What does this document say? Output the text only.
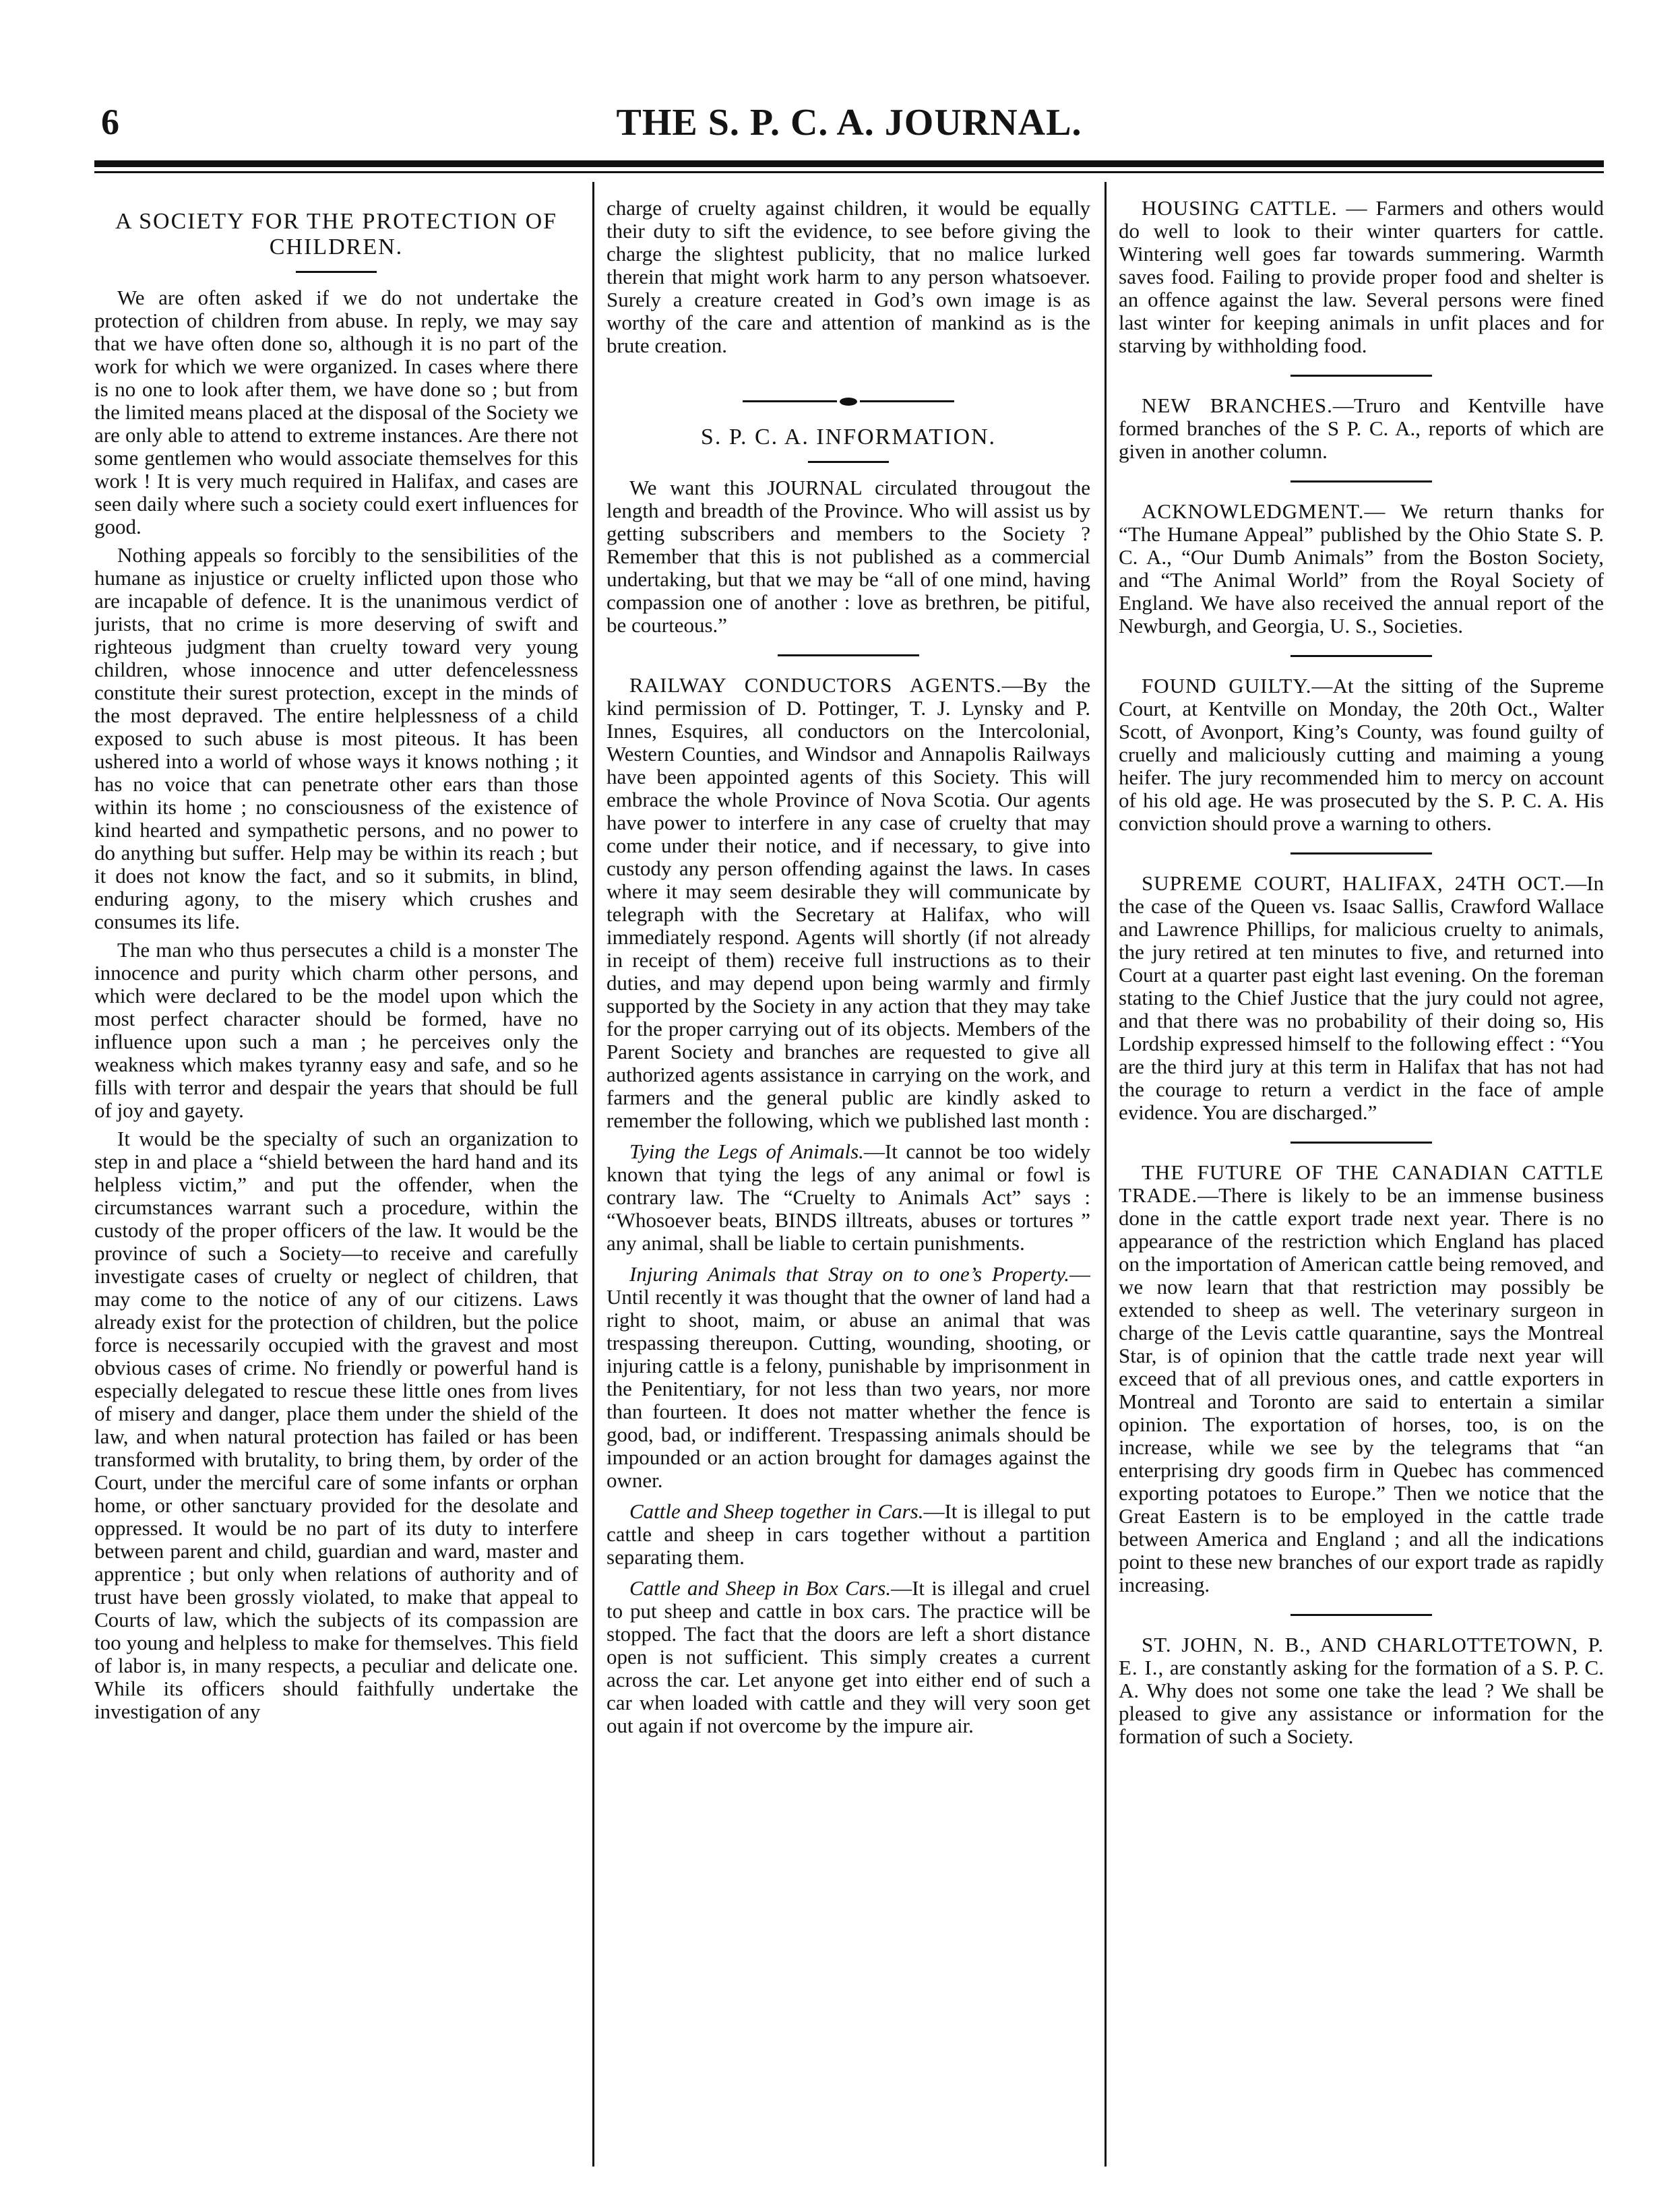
6	THE S. P. C. A. JOURNAL.
A SOCIETY FOR THE PROTECTION OF CHILDREN.

We are often asked if we do not undertake the protection of children from abuse. In reply, we may say that we have often done so, although it is no part of the work for which we were organized. In cases where there is no one to look after them, we have done so ; but from the limited means placed at the disposal of the Society we are only able to attend to extreme instances. Are there not some gentlemen who would associate themselves for this work ! It is very much required in Halifax, and cases are seen daily where such a society could exert influences for good.

Nothing appeals so forcibly to the sensibilities of the humane as injustice or cruelty inflicted upon those who are incapable of defence. It is the unanimous verdict of jurists, that no crime is more deserving of swift and righteous judgment than cruelty toward very young children, whose innocence and utter defencelessness constitute their surest protection, except in the minds of the most depraved. The entire helplessness of a child exposed to such abuse is most piteous. It has been ushered into a world of whose ways it knows nothing ; it has no voice that can penetrate other ears than those within its home ; no consciousness of the existence of kind hearted and sympathetic persons, and no power to do anything but suffer. Help may be within its reach ; but it does not know the fact, and so it submits, in blind, enduring agony, to the misery which crushes and consumes its life.

The man who thus persecutes a child is a monster The innocence and purity which charm other persons, and which were declared to be the model upon which the most perfect character should be formed, have no influence upon such a man ; he perceives only the weakness which makes tyranny easy and safe, and so he fills with terror and despair the years that should be full of joy and gayety.

It would be the specialty of such an organization to step in and place a “shield between the hard hand and its helpless victim,” and put the offender, when the circumstances warrant such a procedure, within the custody of the proper officers of the law. It would be the province of such a Society—to receive and carefully investigate cases of cruelty or neglect of children, that may come to the notice of any of our citizens. Laws already exist for the protection of children, but the police force is necessarily occupied with the gravest and most obvious cases of crime. No friendly or powerful hand is especially delegated to rescue these little ones from lives of misery and danger, place them under the shield of the law, and when natural protection has failed or has been transformed with brutality, to bring them, by order of the Court, under the merciful care of some infants or orphan home, or other sanctuary provided for the desolate and oppressed. It would be no part of its duty to interfere between parent and child, guardian and ward, master and apprentice ; but only when relations of authority and of trust have been grossly violated, to make that appeal to Courts of law, which the subjects of its compassion are too young and helpless to make for themselves. This field of labor is, in many respects, a peculiar and delicate one. While its officers should faithfully undertake the investigation of any

charge of cruelty against children, it would be equally their duty to sift the evidence, to see before giving the charge the slightest publicity, that no malice lurked therein that might work harm to any person whatsoever. Surely a creature created in God’s own image is as worthy of the care and attention of mankind as is the brute creation.

S. P. C. A. INFORMATION.

We want this JOURNAL circulated througout the length and breadth of the Province. Who will assist us by getting subscribers and members to the Society ? Remember that this is not published as a commercial undertaking, but that we may be “all of one mind, having compassion one of another : love as brethren, be pitiful, be courteous.”

RAILWAY CONDUCTORS AGENTS.—By the kind permission of D. Pottinger, T. J. Lynsky and P. Innes, Esquires, all conductors on the Intercolonial, Western Counties, and Windsor and Annapolis Railways have been appointed agents of this Society. This will embrace the whole Province of Nova Scotia. Our agents have power to interfere in any case of cruelty that may come under their notice, and if necessary, to give into custody any person offending against the laws. In cases where it may seem desirable they will communicate by telegraph with the Secretary at Halifax, who will immediately respond. Agents will shortly (if not already in receipt of them) receive full instructions as to their duties, and may depend upon being warmly and firmly supported by the Society in any action that they may take for the proper carrying out of its objects. Members of the Parent Society and branches are requested to give all authorized agents assistance in carrying on the work, and farmers and the general public are kindly asked to remember the following, which we published last month :

Tying the Legs of Animals.—It cannot be too widely known that tying the legs of any animal or fowl is contrary law. The “Cruelty to Animals Act” says : “Whosoever beats, BINDS illtreats, abuses or tortures ” any animal, shall be liable to certain punishments.

Injuring Animals that Stray on to one’s Property.—Until recently it was thought that the owner of land had a right to shoot, maim, or abuse an animal that was trespassing thereupon. Cutting, wounding, shooting, or injuring cattle is a felony, punishable by imprisonment in the Penitentiary, for not less than two years, nor more than fourteen. It does not matter whether the fence is good, bad, or indifferent. Trespassing animals should be impounded or an action brought for damages against the owner.

Cattle and Sheep together in Cars.—It is illegal to put cattle and sheep in cars together without a partition separating them.

Cattle and Sheep in Box Cars.—It is illegal and cruel to put sheep and cattle in box cars. The practice will be stopped. The fact that the doors are left a short distance open is not sufficient. This simply creates a current across the car. Let anyone get into either end of such a car when loaded with cattle and they will very soon get out again if not overcome by the impure air.

HOUSING CATTLE. — Farmers and others would do well to look to their winter quarters for cattle. Wintering well goes far towards summering. Warmth saves food. Failing to provide proper food and shelter is an offence against the law. Several persons were fined last winter for keeping animals in unfit places and for starving by withholding food.

NEW BRANCHES.—Truro and Kentville have formed branches of the S P. C. A., reports of which are given in another column.

ACKNOWLEDGMENT.— We return thanks for “The Humane Appeal” published by the Ohio State S. P. C. A., “Our Dumb Animals” from the Boston Society, and “The Animal World” from the Royal Society of England. We have also received the annual report of the Newburgh, and Georgia, U. S., Societies.

FOUND GUILTY.—At the sitting of the Supreme Court, at Kentville on Monday, the 20th Oct., Walter Scott, of Avonport, King’s County, was found guilty of cruelly and maliciously cutting and maiming a young heifer. The jury recommended him to mercy on account of his old age. He was prosecuted by the S. P. C. A. His conviction should prove a warning to others.

SUPREME COURT, HALIFAX, 24TH OCT.—In the case of the Queen vs. Isaac Sallis, Crawford Wallace and Lawrence Phillips, for malicious cruelty to animals, the jury retired at ten minutes to five, and returned into Court at a quarter past eight last evening. On the foreman stating to the Chief Justice that the jury could not agree, and that there was no probability of their doing so, His Lordship expressed himself to the following effect : “You are the third jury at this term in Halifax that has not had the courage to return a verdict in the face of ample evidence. You are discharged.”

THE FUTURE OF THE CANADIAN CATTLE TRADE.—There is likely to be an immense business done in the cattle export trade next year. There is no appearance of the restriction which England has placed on the importation of American cattle being removed, and we now learn that that restriction may possibly be extended to sheep as well. The veterinary surgeon in charge of the Levis cattle quarantine, says the Montreal Star, is of opinion that the cattle trade next year will exceed that of all previous ones, and cattle exporters in Montreal and Toronto are said to entertain a similar opinion. The exportation of horses, too, is on the increase, while we see by the telegrams that “an enterprising dry goods firm in Quebec has commenced exporting potatoes to Europe.” Then we notice that the Great Eastern is to be employed in the cattle trade between America and England ; and all the indications point to these new branches of our export trade as rapidly increasing.

ST. JOHN, N. B., AND CHARLOTTETOWN, P. E. I., are constantly asking for the formation of a S. P. C. A. Why does not some one take the lead ? We shall be pleased to give any assistance or information for the formation of such a Society.
